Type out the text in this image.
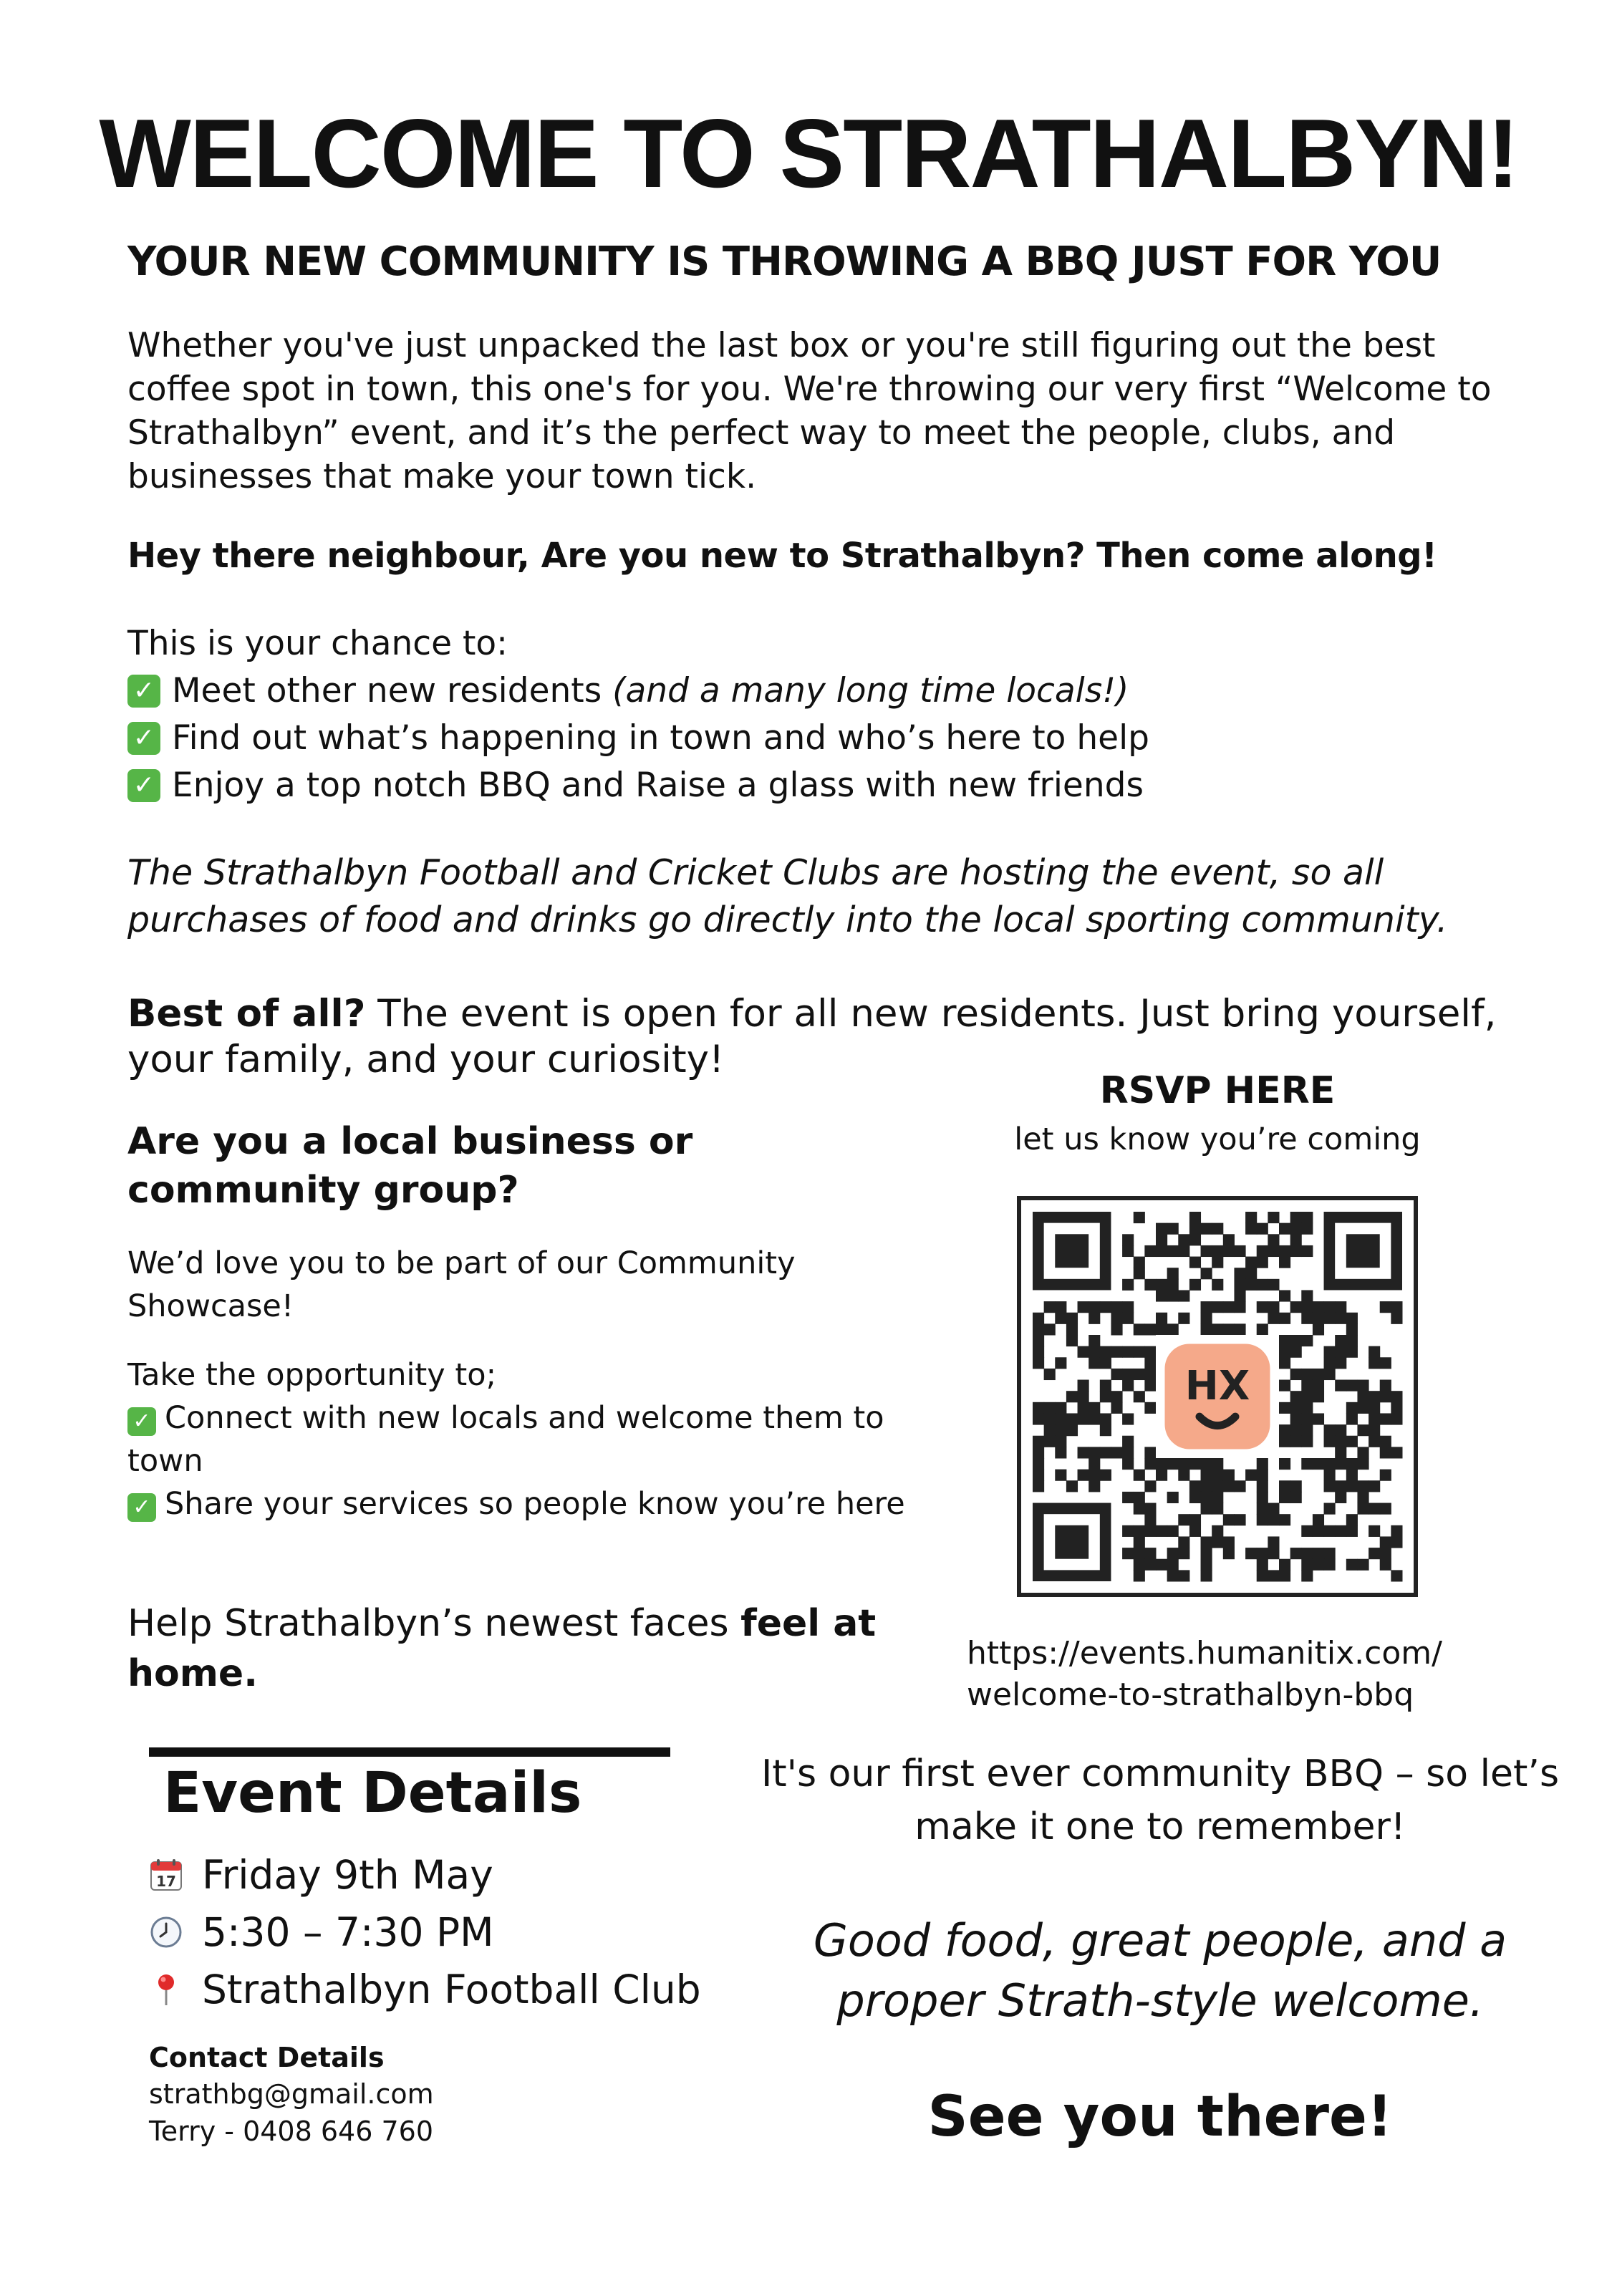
WELCOME TO STRATHALBYN!
YOUR NEW COMMUNITY IS THROWING A BBQ JUST FOR YOU
Whether you've just unpacked the last box or you're still figuring out the best coffee spot in town, this one's for you. We're throwing our very first “Welcome to Strathalbyn” event, and it’s the perfect way to meet the people, clubs, and businesses that make your town tick.
Hey there neighbour, Are you new to Strathalbyn? Then come along!
This is your chance to:
✓ Meet other new residents (and a many long time locals!)
✓ Find out what’s happening in town and who’s here to help
✓ Enjoy a top notch BBQ and Raise a glass with new friends
The Strathalbyn Football and Cricket Clubs are hosting the event, so all purchases of food and drinks go directly into the local sporting community.
Best of all? The event is open for all new residents. Just bring yourself, your family, and your curiosity!
Are you a local business or community group?
We’d love you to be part of our Community Showcase!
Take the opportunity to;
✓ Connect with new locals and welcome them to town
✓ Share your services so people know you’re here
Help Strathalbyn’s newest faces feel at home.
RSVP HERE
let us know you’re coming
HX
https://events.humanitix.com/ welcome-to-strathalbyn-bbq
Event Details
17 Friday 9th May
5:30 – 7:30 PM
Strathalbyn Football Club
Contact Details
strathbg@gmail.com
Terry - 0408 646 760
It's our first ever community BBQ – so let’s make it one to remember!
Good food, great people, and a proper Strath-style welcome.
See you there!
